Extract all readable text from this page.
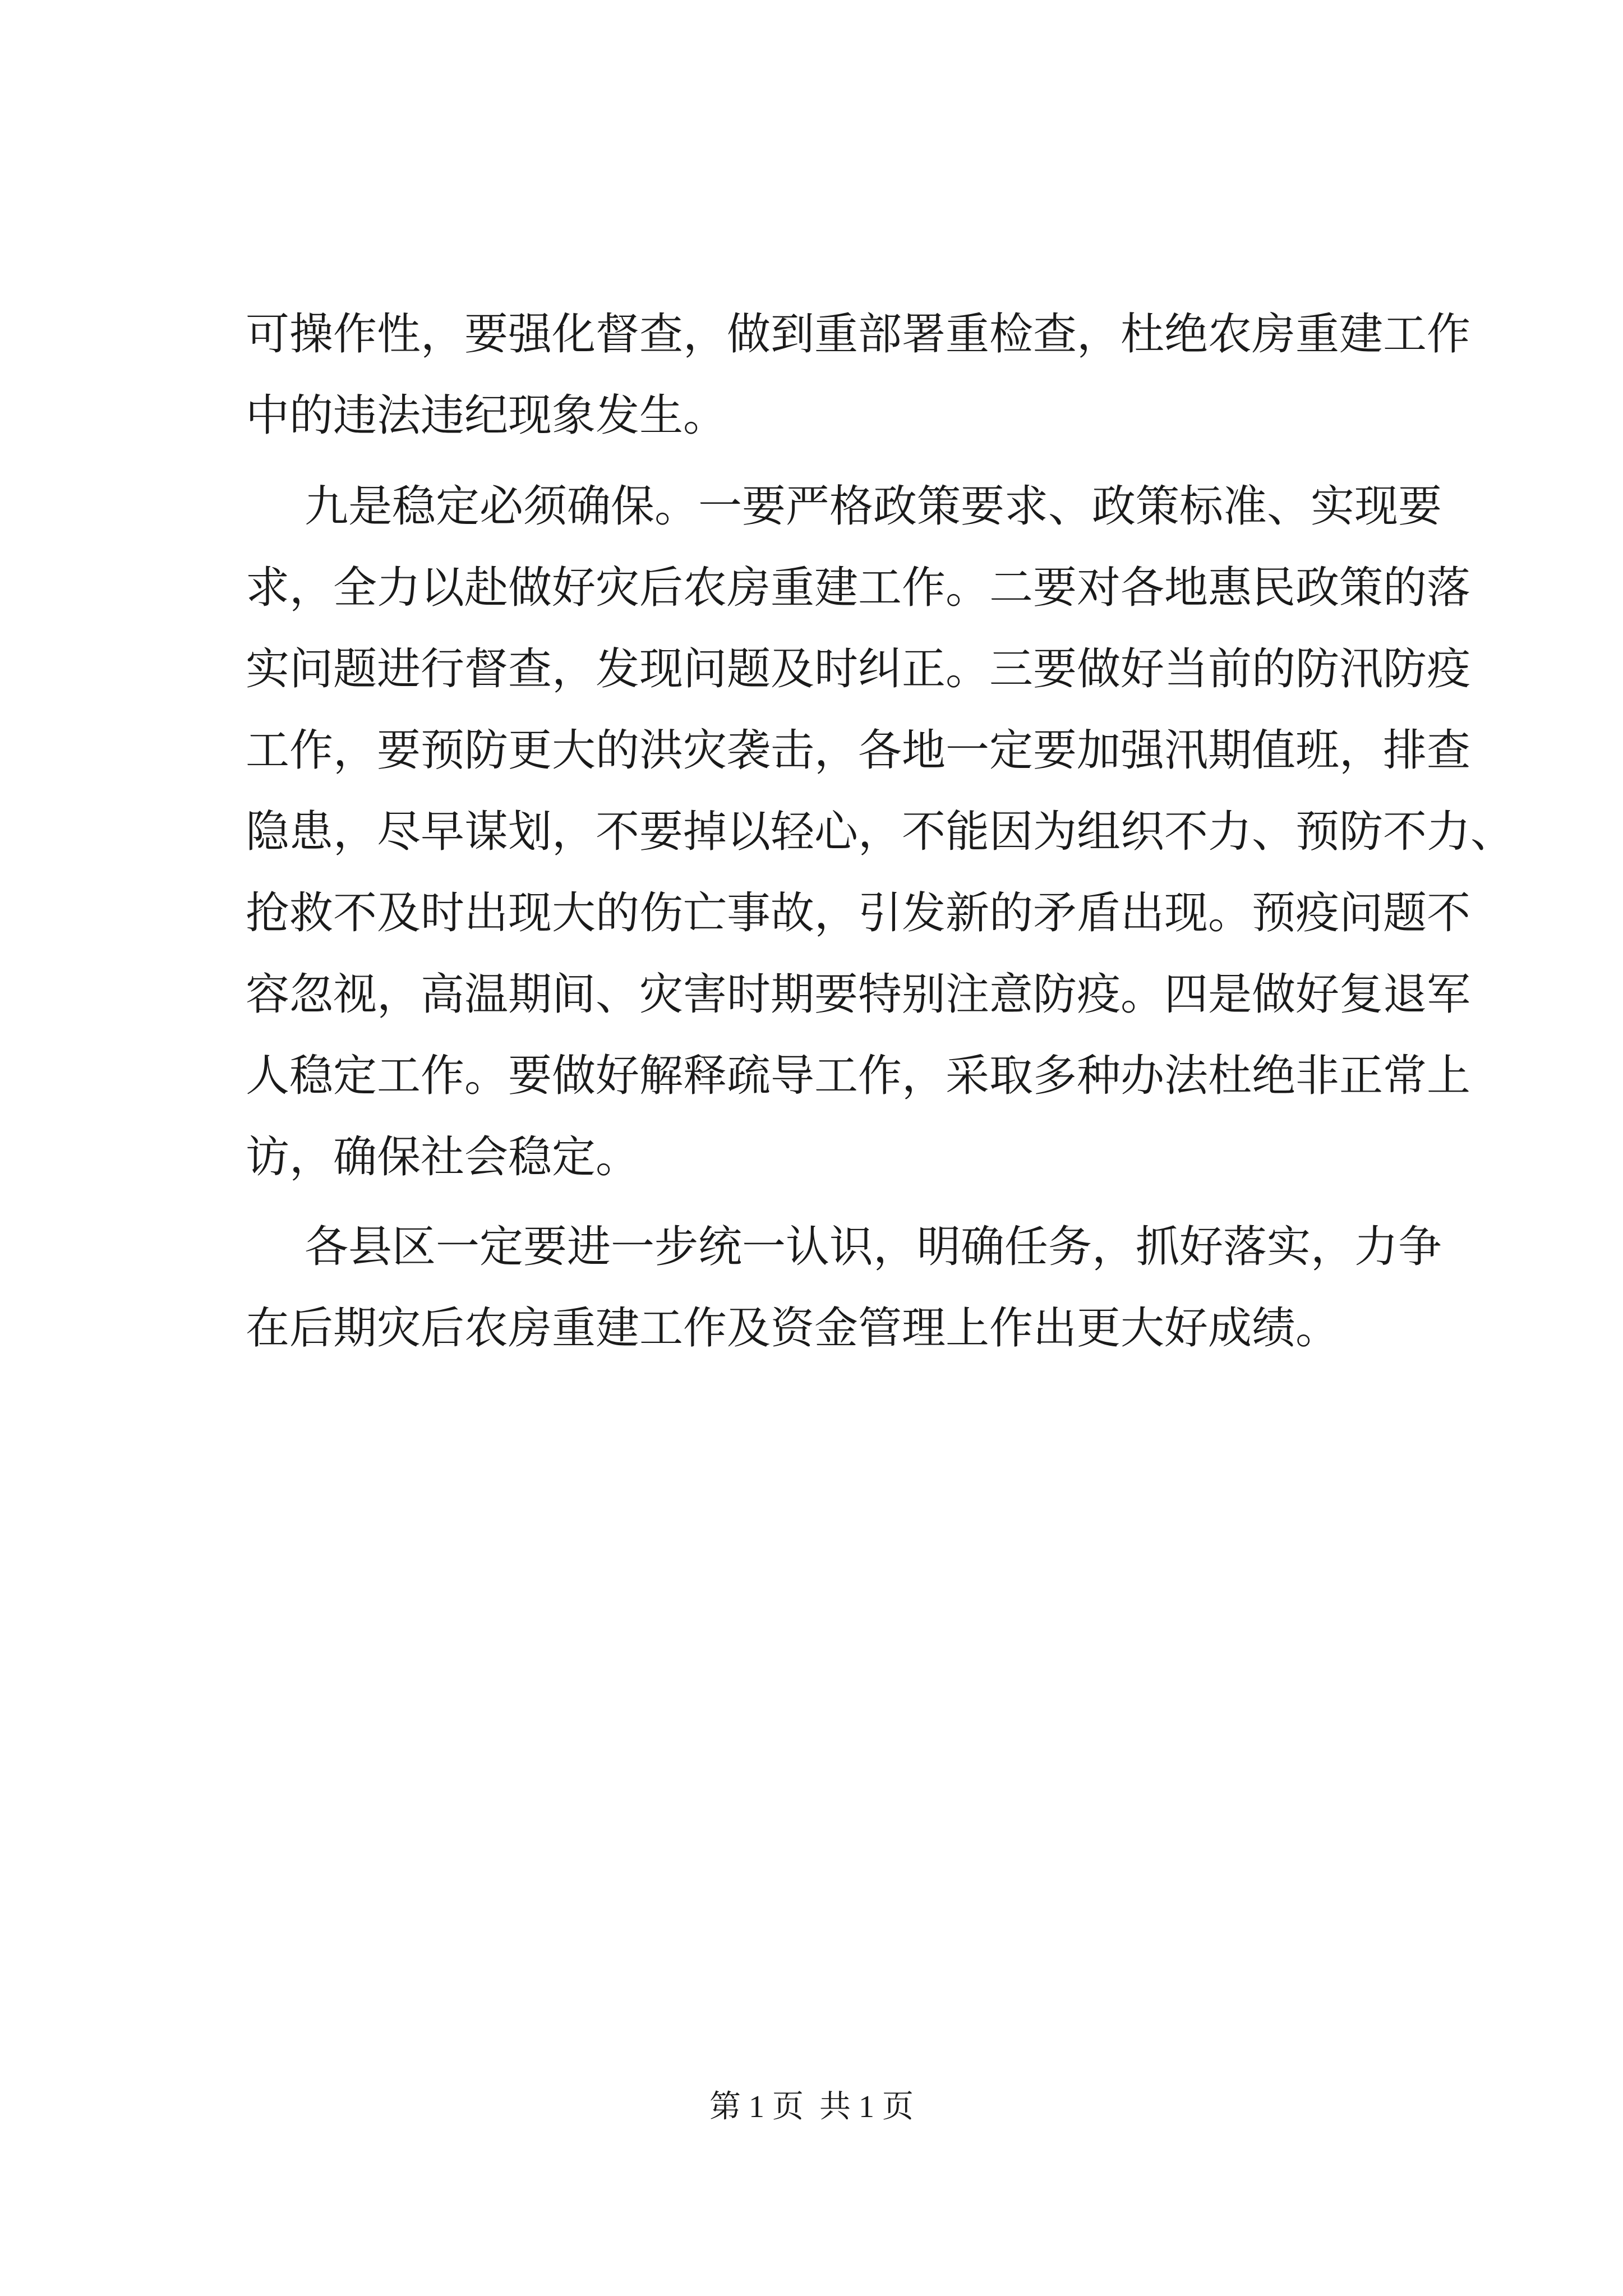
可操作性，要强化督查，做到重部署重检查，杜绝农房重建工作
中的违法违纪现象发生。
九是稳定必须确保。一要严格政策要求、政策标准、实现要
求，全力以赴做好灾后农房重建工作。二要对各地惠民政策的落
实问题进行督查，发现问题及时纠正。三要做好当前的防汛防疫
工作，要预防更大的洪灾袭击，各地一定要加强汛期值班，排查
隐患，尽早谋划，不要掉以轻心，不能因为组织不力、预防不力、
抢救不及时出现大的伤亡事故，引发新的矛盾出现。预疫问题不
容忽视，高温期间、灾害时期要特别注意防疫。四是做好复退军
人稳定工作。要做好解释疏导工作，采取多种办法杜绝非正常上
访，确保社会稳定。
各县区一定要进一步统一认识，明确任务，抓好落实，力争
在后期灾后农房重建工作及资金管理上作出更大好成绩。
第 1 页  共 1 页
